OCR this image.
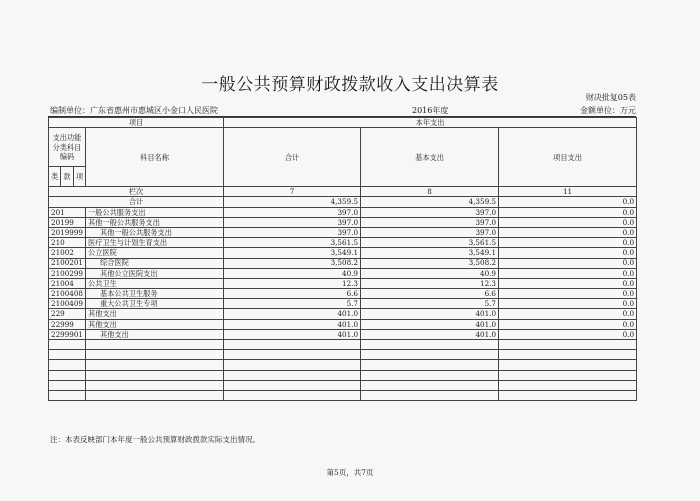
一般公共预算财政拨款收入支出决算表
财决批复05表
编制单位：广东省惠州市惠城区小金口人民医院	2016年度	金额单位：万元
项目				本年支出		
支出功能
分类科目
编码			科目名称	合计	基本支出	项目支出
类	款	项				
栏次				7	8	11
合计				4,359.5	4,359.5	0.0
201			一般公共服务支出	397.0	397.0	0.0
20199			其他一般公共服务支出	397.0	397.0	0.0
2019999			其他一般公共服务支出	397.0	397.0	0.0
210			医疗卫生与计划生育支出	3,561.5	3,561.5	0.0
21002			公立医院	3,549.1	3,549.1	0.0
2100201			综合医院	3,508.2	3,508.2	0.0
2100299			其他公立医院支出	40.9	40.9	0.0
21004			公共卫生	12.3	12.3	0.0
2100408			基本公共卫生服务	6.6	6.6	0.0
2100409			重大公共卫生专项	5.7	5.7	0.0
229			其他支出	401.0	401.0	0.0
22999			其他支出	401.0	401.0	0.0
2299901			其他支出	401.0	401.0	0.0

注：本表反映部门本年度一般公共预算财政拨款实际支出情况。
第5页，共7页
